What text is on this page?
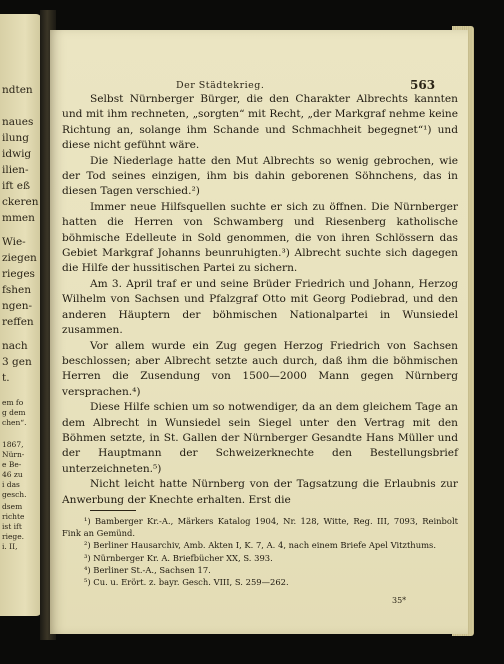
ndten
naues
ilung
idwig
ilien-
ift eß
ckeren
mmen
Wie-
ziegen
rieges
fshen
ngen-
reffen
nach
3 gen
t.
em fo
g dem
chen“.
1867,
Nürn-
e Be-
46 zu
i das
gesch.
dsem
richte
ist ift
riege.
i. II,
Der Städtekrieg.	563

Selbst Nürnberger Bürger, die den Charakter Albrechts kannten und mit ihm rechneten, „sorgten“ mit Recht, „der Markgraf nehme keine Richtung an, solange ihm Schande und Schmachheit begegnet“¹) und diese nicht gefühnt wäre.

Die Niederlage hatte den Mut Albrechts so wenig gebrochen, wie der Tod seines einzigen, ihm bis dahin geborenen Söhnchens, das in diesen Tagen verschied.²)

Immer neue Hilfsquellen suchte er sich zu öffnen. Die Nürnberger hatten die Herren von Schwamberg und Riesenberg katholische böhmische Edelleute in Sold genommen, die von ihren Schlössern das Gebiet Markgraf Johanns beunruhigten.³) Albrecht suchte sich dagegen die Hilfe der hussitischen Partei zu sichern.

Am 3. April traf er und seine Brüder Friedrich und Johann, Herzog Wilhelm von Sachsen und Pfalzgraf Otto mit Georg Podiebrad, und den anderen Häuptern der böhmischen Nationalpartei in Wunsiedel zusammen.

Vor allem wurde ein Zug gegen Herzog Friedrich von Sachsen beschlossen; aber Albrecht setzte auch durch, daß ihm die böhmischen Herren die Zusendung von 1500—2000 Mann gegen Nürnberg versprachen.⁴)

Diese Hilfe schien um so notwendiger, da an dem gleichem Tage an dem Albrecht in Wunsiedel sein Siegel unter den Vertrag mit den Böhmen setzte, in St. Gallen der Nürnberger Gesandte Hans Müller und der Hauptmann der Schweizerknechte den Bestellungsbrief unterzeichneten.⁵)

Nicht leicht hatte Nürnberg von der Tagsatzung die Erlaubnis zur Anwerbung der Knechte erhalten. Erst die

¹) Bamberger Kr.-A., Märkers Katalog 1904, Nr. 128, Witte, Reg. III, 7093, Reinbolt Fink an Gemünd.

²) Berliner Hausarchiv, Amb. Akten I, K. 7, A. 4, nach einem Briefe Apel Vitzthums.

³) Nürnberger Kr. A. Briefbücher XX, S. 393.

⁴) Berliner St.-A., Sachsen 17.

⁵) Cu. u. Erört. z. bayr. Gesch. VIII, S. 259—262.

35*
